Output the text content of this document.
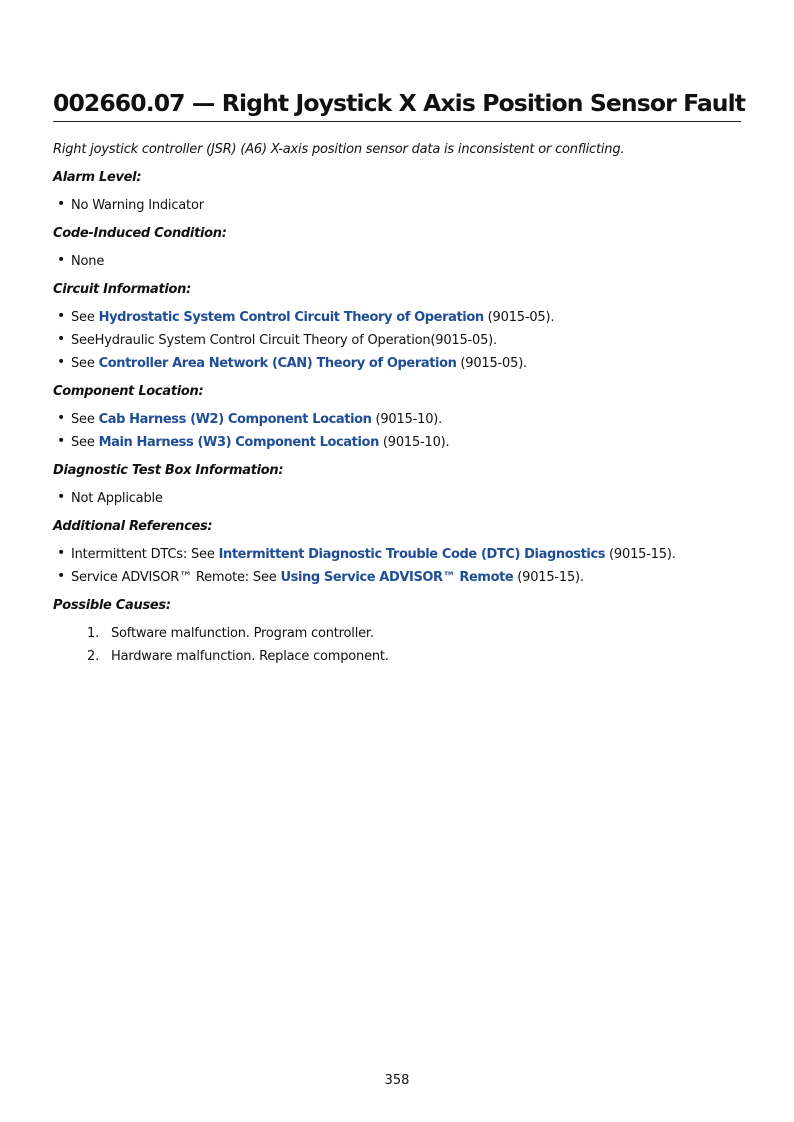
002660.07 — Right Joystick X Axis Position Sensor Fault

Right joystick controller (JSR) (A6) X-axis position sensor data is inconsistent or conflicting.

Alarm Level:

• No Warning Indicator

Code-Induced Condition:

• None

Circuit Information:

• See Hydrostatic System Control Circuit Theory of Operation (9015-05).
• SeeHydraulic System Control Circuit Theory of Operation(9015-05).
• See Controller Area Network (CAN) Theory of Operation (9015-05).

Component Location:

• See Cab Harness (W2) Component Location (9015-10).
• See Main Harness (W3) Component Location (9015-10).

Diagnostic Test Box Information:

• Not Applicable

Additional References:

• Intermittent DTCs: See Intermittent Diagnostic Trouble Code (DTC) Diagnostics (9015-15).
• Service ADVISOR™ Remote: See Using Service ADVISOR™ Remote (9015-15).

Possible Causes:

1. Software malfunction. Program controller.
2. Hardware malfunction. Replace component.
358
